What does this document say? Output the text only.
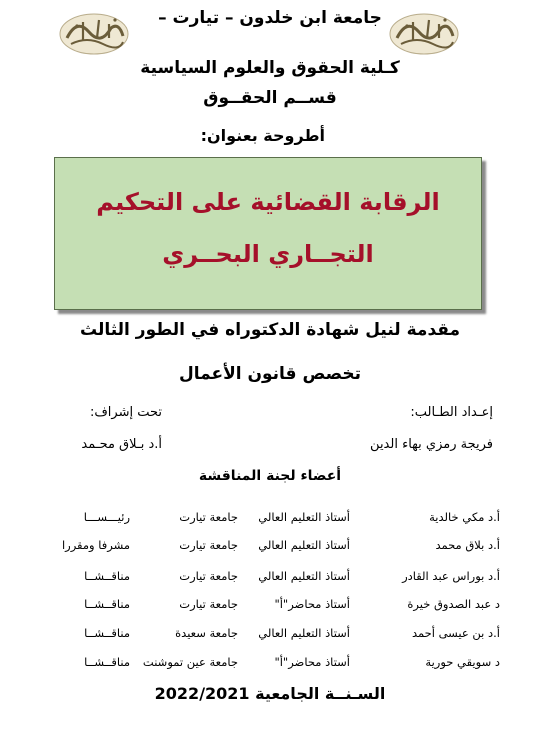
جامعة ابن خلدون – تيارت –
كـلية الحقوق والعلوم السياسية
قســم الحقــوق
أطروحة بعنوان:
الرقابة القضائية على التحكيم
التجــاري البحــري
مقدمة لنيل شهادة الدكتوراه في الطور الثالث
تخصص قانون الأعمال
إعـداد الطـالب:
فريجة رمزي بهاء الدين
تحت إشراف:
أ.د بـلاق محـمد
أعضاء لجنة المناقشة
أ.د مكي خالدية
أستاذ التعليم العالي
جامعة تيارت
رئيـــســـا
أ.د بلاق محمد
أستاذ التعليم العالي
جامعة تيارت
مشرفا ومقررا
أ.د بوراس عبد القادر
أستاذ التعليم العالي
جامعة تيارت
مناقــشــا
د عبد الصدوق خيرة
أستاذ محاضر"أ"
جامعة تيارت
مناقــشــا
أ.د بن عيسى أحمد
أستاذ التعليم العالي
جامعة سعيدة
مناقــشــا
د سويقي حورية
أستاذ محاضر"أ"
جامعة عين تموشنت
مناقــشــا
السـنــة الجامعية 2022/2021
